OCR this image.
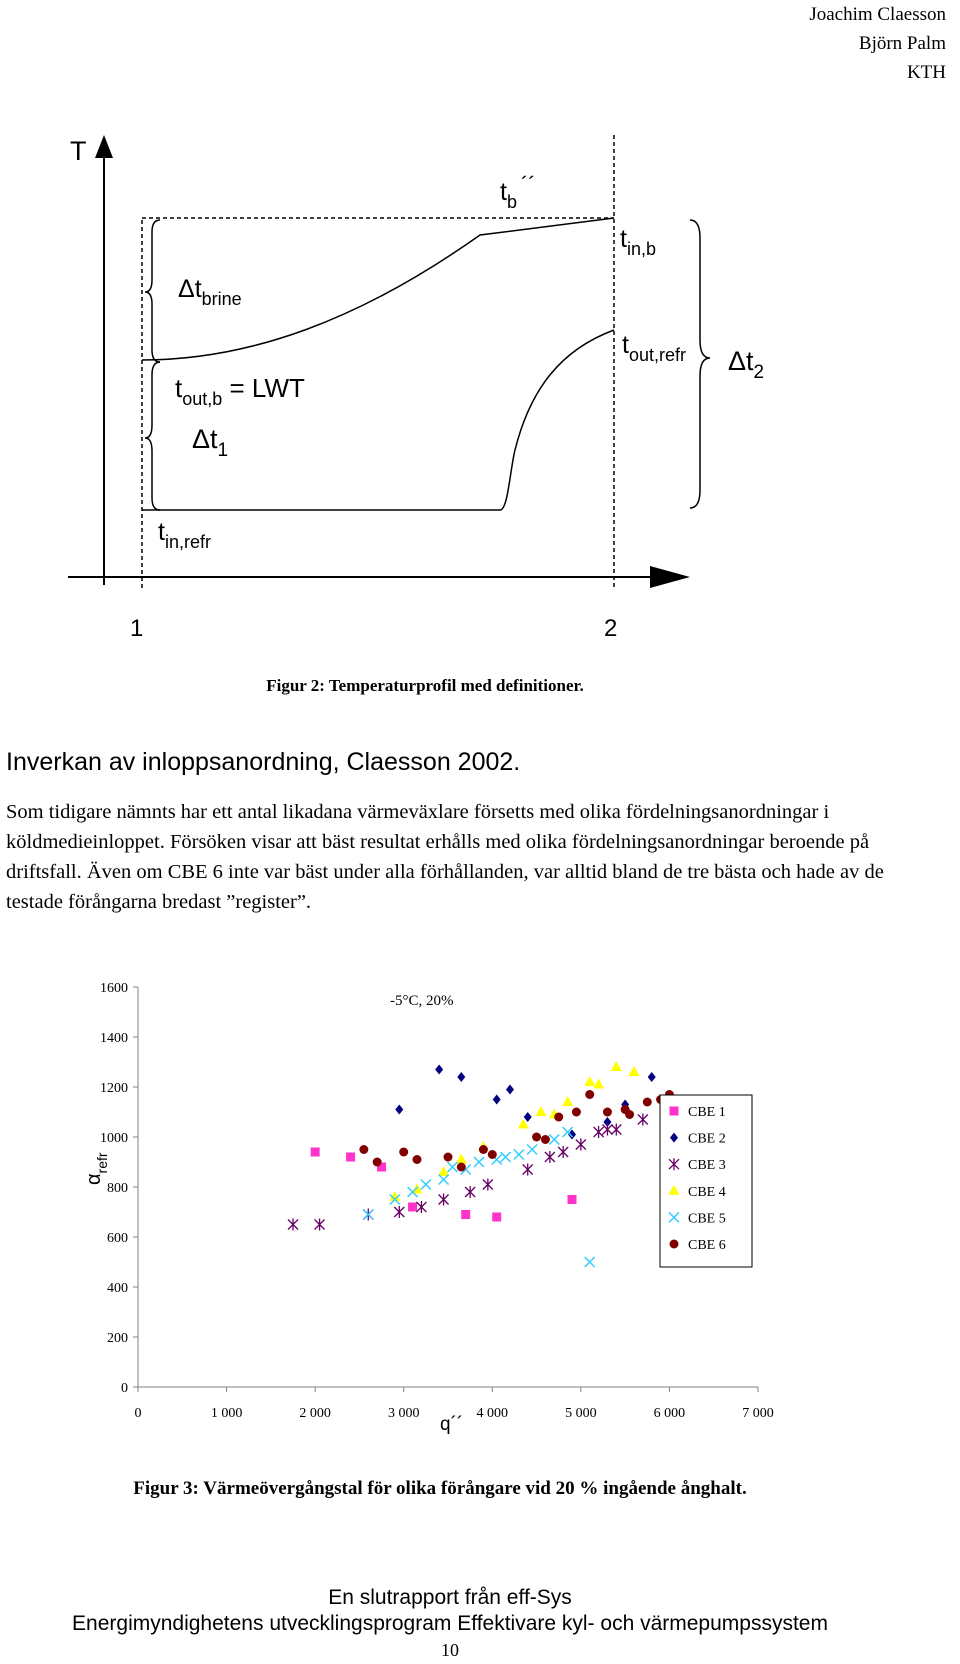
Joachim Claesson
Björn Palm
KTH
T
1	2
$t_b´´$
$t_{in,b}$
$\Delta t_{brine}$
$t_{out,refr}$ $\Delta t_2$
$t_{out,b}$ = LWT
$\Delta t_1$
$t_{in,refr}$
Figur 2: Temperaturprofil med definitioner.
Inverkan av inloppsanordning, Claesson 2002.
Som tidigare nämnts har ett antal likadana värmeväxlare försetts med olika fördelningsanordningar i köldmedieinloppet. Försöken visar att bäst resultat erhålls med olika fördelningsanordningar beroende på driftsfall. Även om CBE 6 inte var bäst under alla förhållanden, var alltid bland de tre bästa och hade av de testade förångarna bredast ”register”.
0
200
400
600
800
1000
1200
1400
1600
0	1 000	2 000	3 000	4 000	5 000	6 000	7 000
-5°C, 20%
$\alpha_{refr}$
q´´
CBE 1
CBE 2
CBE 3
CBE 4
CBE 5
CBE 6
Figur 3: Värmeövergångstal för olika förångare vid 20 % ingående ånghalt.
En slutrapport från eff-Sys
Energimyndighetens utvecklingsprogram Effektivare kyl- och värmepumpssystem
10
